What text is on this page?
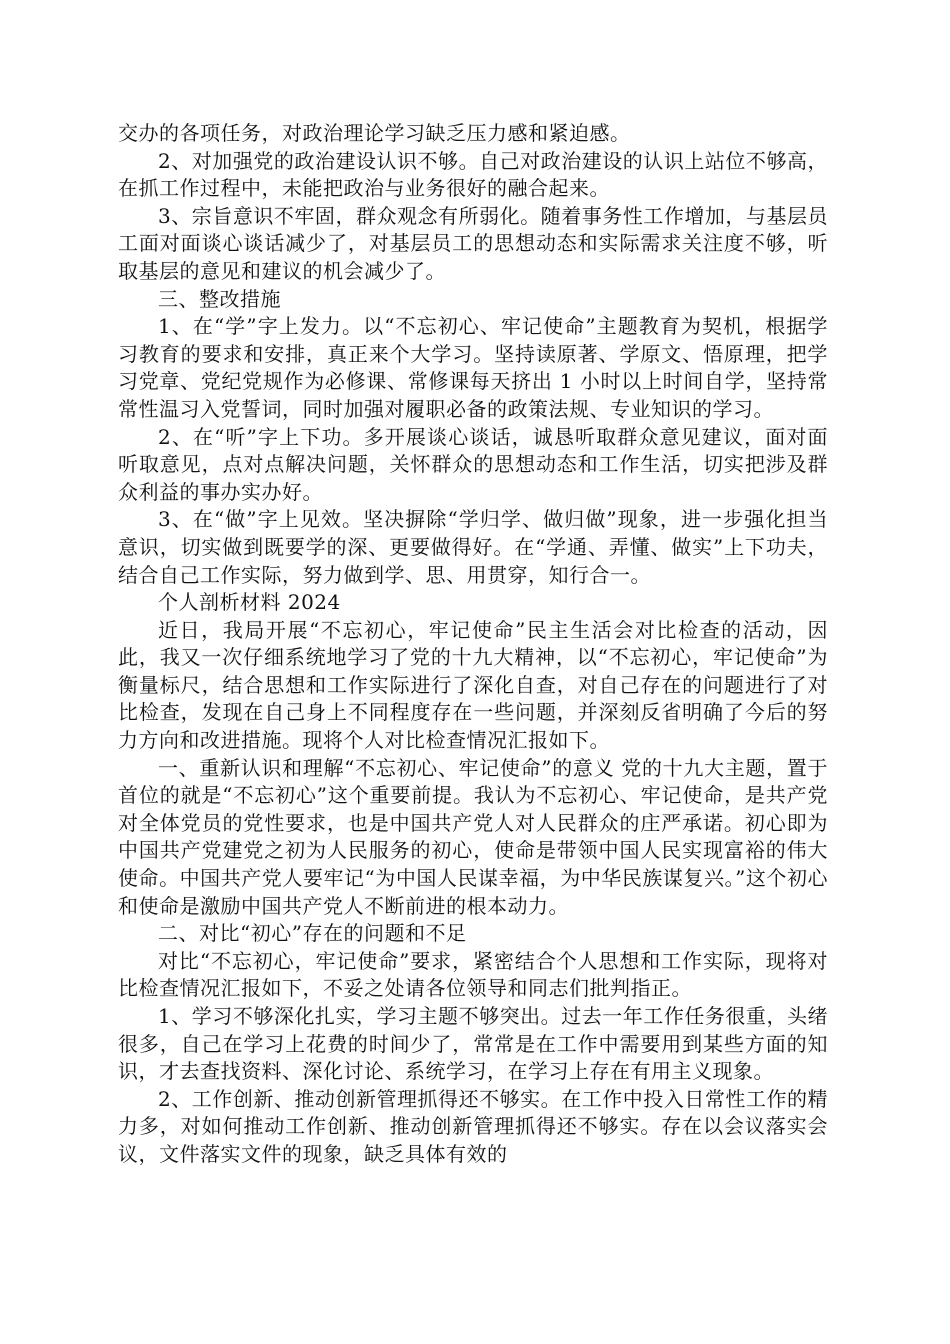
交办的各项任务，对政治理论学习缺乏压力感和紧迫感。

2、对加强党的政治建设认识不够。自己对政治建设的认识上站位不够高，在抓工作过程中，未能把政治与业务很好的融合起来。

3、宗旨意识不牢固，群众观念有所弱化。随着事务性工作增加，与基层员工面对面谈心谈话减少了，对基层员工的思想动态和实际需求关注度不够，听取基层的意见和建议的机会减少了。

三、整改措施

1、在“学”字上发力。以“不忘初心、牢记使命”主题教育为契机，根据学习教育的要求和安排，真正来个大学习。坚持读原著、学原文、悟原理，把学习党章、党纪党规作为必修课、常修课每天挤出 1 小时以上时间自学，坚持常常性温习入党誓词，同时加强对履职必备的政策法规、专业知识的学习。

2、在“听”字上下功。多开展谈心谈话，诚恳听取群众意见建议，面对面听取意见，点对点解决问题，关怀群众的思想动态和工作生活，切实把涉及群众利益的事办实办好。

3、在“做”字上见效。坚决摒除“学归学、做归做”现象，进一步强化担当意识，切实做到既要学的深、更要做得好。在“学通、弄懂、做实”上下功夫，结合自己工作实际，努力做到学、思、用贯穿，知行合一。

个人剖析材料 2024

近日，我局开展“不忘初心，牢记使命”民主生活会对比检查的活动，因此，我又一次仔细系统地学习了党的十九大精神，以“不忘初心，牢记使命”为衡量标尺，结合思想和工作实际进行了深化自查，对自己存在的问题进行了对比检查，发现在自己身上不同程度存在一些问题，并深刻反省明确了今后的努力方向和改进措施。现将个人对比检查情况汇报如下。

一、重新认识和理解“不忘初心、牢记使命”的意义 党的十九大主题，置于首位的就是“不忘初心”这个重要前提。我认为不忘初心、牢记使命，是共产党对全体党员的党性要求，也是中国共产党人对人民群众的庄严承诺。初心即为中国共产党建党之初为人民服务的初心，使命是带领中国人民实现富裕的伟大使命。中国共产党人要牢记“为中国人民谋幸福，为中华民族谋复兴。”这个初心和使命是激励中国共产党人不断前进的根本动力。

二、对比“初心”存在的问题和不足

对比“不忘初心，牢记使命”要求，紧密结合个人思想和工作实际，现将对比检查情况汇报如下，不妥之处请各位领导和同志们批判指正。

1、学习不够深化扎实，学习主题不够突出。过去一年工作任务很重，头绪很多，自己在学习上花费的时间少了，常常是在工作中需要用到某些方面的知识，才去查找资料、深化讨论、系统学习，在学习上存在有用主义现象。

2、工作创新、推动创新管理抓得还不够实。在工作中投入日常性工作的精力多，对如何推动工作创新、推动创新管理抓得还不够实。存在以会议落实会议，文件落实文件的现象，缺乏具体有效的
